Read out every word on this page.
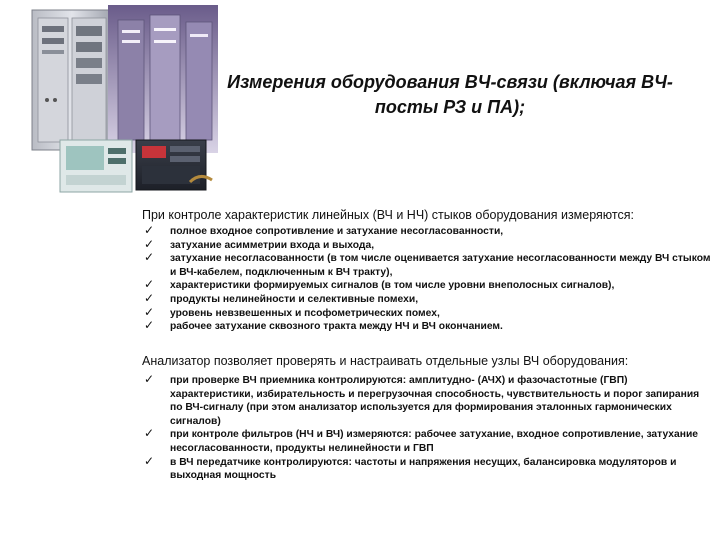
Измерения оборудования ВЧ-связи (включая ВЧ-
посты РЗ и ПА);
При контроле характеристик линейных (ВЧ и НЧ) стыков оборудования измеряются:
✓ полное входное сопротивление и затухание несогласованности,
✓ затухание асимметрии входа и выхода,
✓ затухание несогласованности (в том числе оценивается затухание несогласованности между ВЧ стыком и ВЧ-кабелем, подключенным к ВЧ тракту),
✓ характеристики формируемых сигналов (в том числе уровни внеполосных сигналов),
✓ продукты нелинейности и селективные помехи,
✓ уровень невзвешенных и псофометрических помех,
✓ рабочее затухание сквозного тракта между НЧ и ВЧ окончанием.
Анализатор позволяет проверять и настраивать отдельные узлы ВЧ оборудования:
✓ при проверке ВЧ приемника контролируются: амплитудно- (АЧХ) и фазочастотные (ГВП) характеристики, избирательность и перегрузочная способность, чувствительность и порог запирания по ВЧ-сигналу (при этом анализатор используется для формирования эталонных гармонических сигналов)
✓ при контроле фильтров (НЧ и ВЧ) измеряются: рабочее затухание, входное сопротивление, затухание несогласованности, продукты нелинейности и ГВП
✓ в ВЧ передатчике контролируются: частоты и напряжения несущих, балансировка модуляторов и выходная мощность
